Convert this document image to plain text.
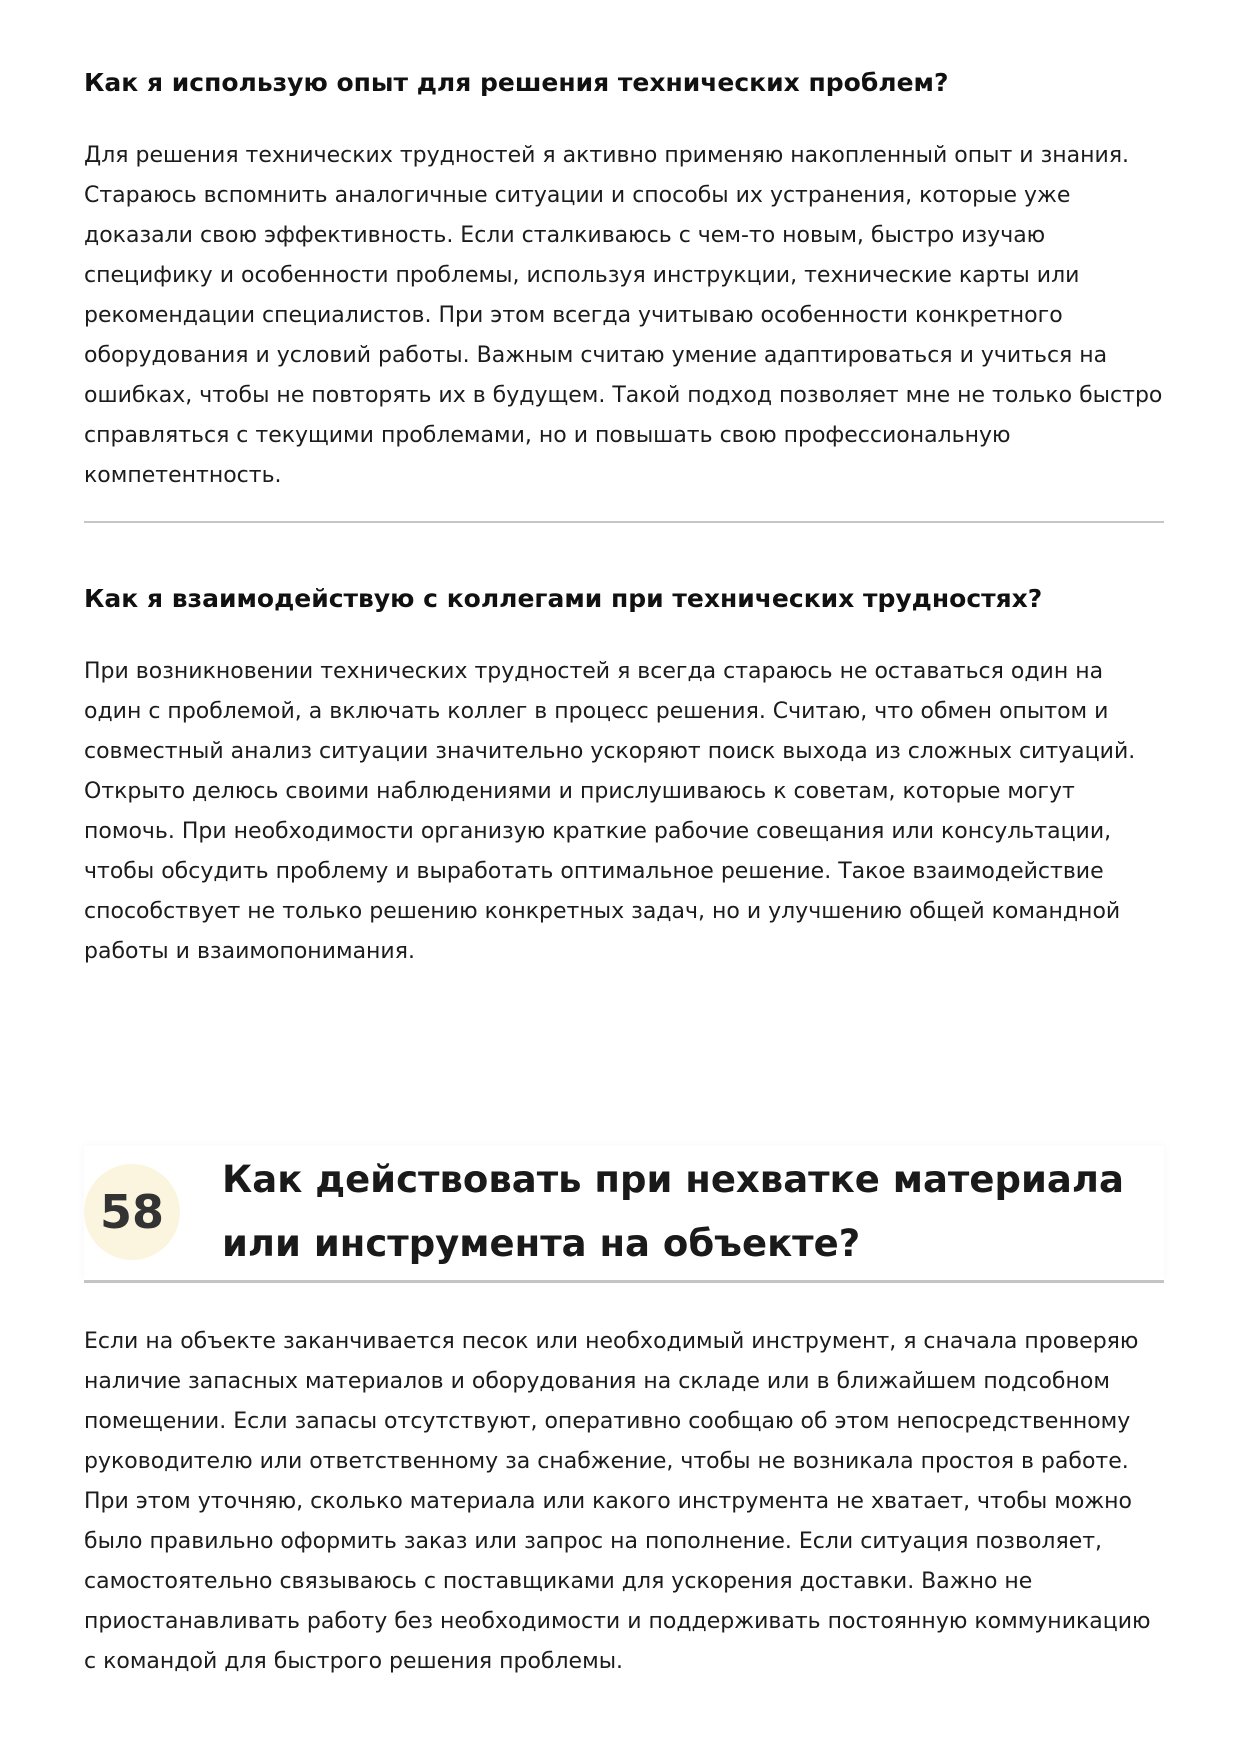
Как я использую опыт для решения технических проблем?

Для решения технических трудностей я активно применяю накопленный опыт и знания. Стараюсь вспомнить аналогичные ситуации и способы их устранения, которые уже доказали свою эффективность. Если сталкиваюсь с чем-то новым, быстро изучаю специфику и особенности проблемы, используя инструкции, технические карты или рекомендации специалистов. При этом всегда учитываю особенности конкретного оборудования и условий работы. Важным считаю умение адаптироваться и учиться на ошибках, чтобы не повторять их в будущем. Такой подход позволяет мне не только быстро справляться с текущими проблемами, но и повышать свою профессиональную компетентность.

Как я взаимодействую с коллегами при технических трудностях?

При возникновении технических трудностей я всегда стараюсь не оставаться один на один с проблемой, а включать коллег в процесс решения. Считаю, что обмен опытом и совместный анализ ситуации значительно ускоряют поиск выхода из сложных ситуаций. Открыто делюсь своими наблюдениями и прислушиваюсь к советам, которые могут помочь. При необходимости организую краткие рабочие совещания или консультации, чтобы обсудить проблему и выработать оптимальное решение. Такое взаимодействие способствует не только решению конкретных задач, но и улучшению общей командной работы и взаимопонимания.

58
Как действовать при нехватке материала или инструмента на объекте?

Если на объекте заканчивается песок или необходимый инструмент, я сначала проверяю наличие запасных материалов и оборудования на складе или в ближайшем подсобном помещении. Если запасы отсутствуют, оперативно сообщаю об этом непосредственному руководителю или ответственному за снабжение, чтобы не возникала простоя в работе. При этом уточняю, сколько материала или какого инструмента не хватает, чтобы можно было правильно оформить заказ или запрос на пополнение. Если ситуация позволяет, самостоятельно связываюсь с поставщиками для ускорения доставки. Важно не приостанавливать работу без необходимости и поддерживать постоянную коммуникацию с командой для быстрого решения проблемы.
